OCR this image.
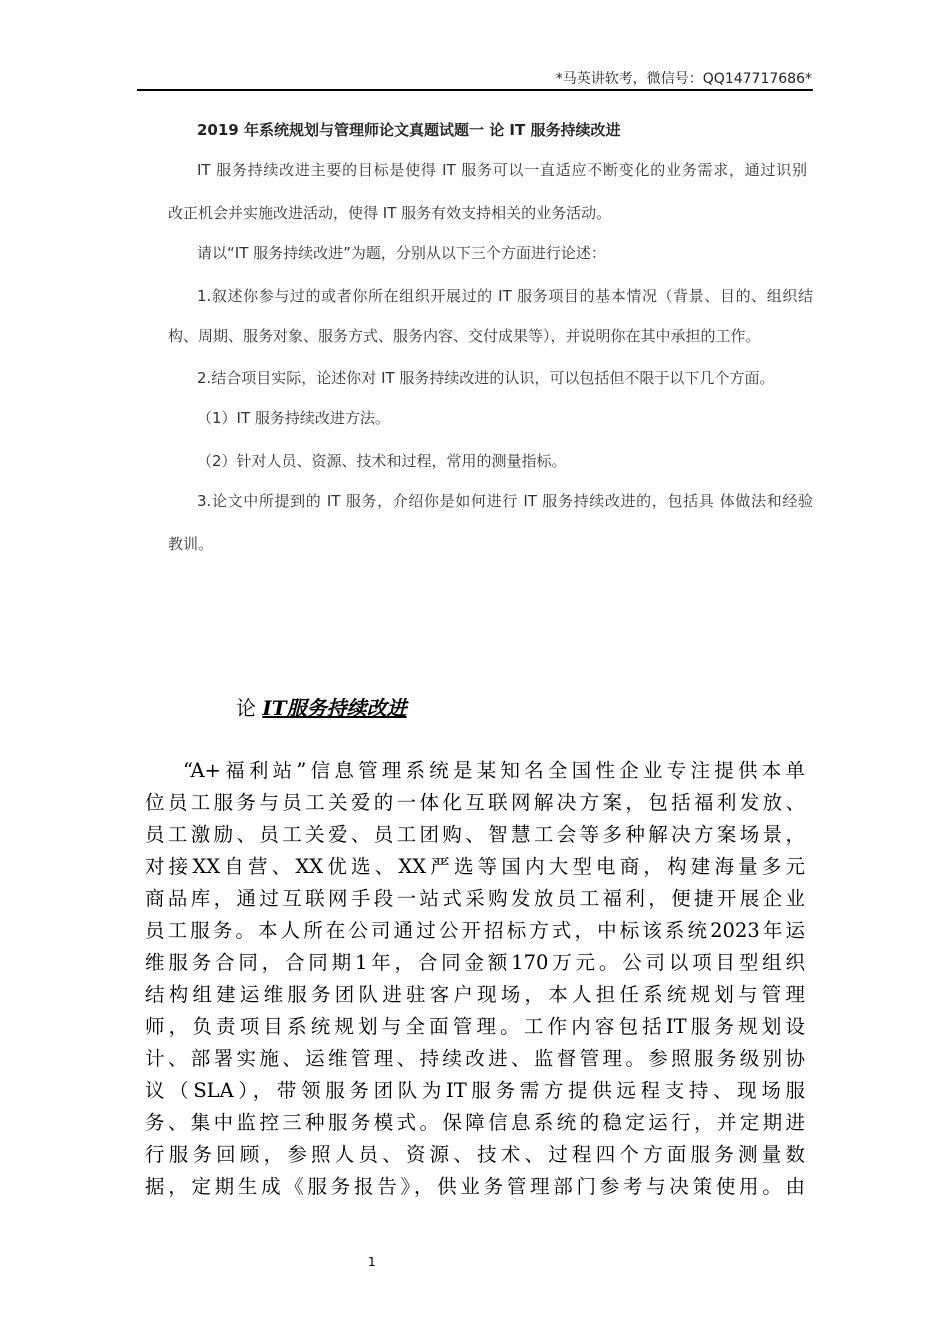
*马英讲软考，微信号：QQ147717686*
2019 年系统规划与管理师论文真题试题一 论 IT 服务持续改进
IT 服务持续改进主要的目标是使得 IT 服务可以一直适应不断变化的业务需求，通过识别
改正机会并实施改进活动，使得 IT 服务有效支持相关的业务活动。
请以“IT 服务持续改进”为题，分别从以下三个方面进行论述：
1.叙述你参与过的或者你所在组织开展过的 IT 服务项目的基本情况（背景、目的、组织结
构、周期、服务对象、服务方式、服务内容、交付成果等），并说明你在其中承担的工作。
2.结合项目实际，论述你对 IT 服务持续改进的认识，可以包括但不限于以下几个方面。
（1）IT 服务持续改进方法。
（2）针对人员、资源、技术和过程，常用的测量指标。
3.论文中所提到的 IT 服务，介绍你是如何进行 IT 服务持续改进的，包括具 体做法和经验
教训。
论 IT服务持续改进
“A+福利站”信息管理系统是某知名全国性企业专注提供本单
位员工服务与员工关爱的一体化互联网解决方案，包括福利发放、
员工激励、员工关爱、员工团购、智慧工会等多种解决方案场景，
对接XX自营、XX优选、XX严选等国内大型电商，构建海量多元
商品库，通过互联网手段一站式采购发放员工福利，便捷开展企业
员工服务。本人所在公司通过公开招标方式，中标该系统2023年运
维服务合同，合同期1年，合同金额170万元。公司以项目型组织
结构组建运维服务团队进驻客户现场，本人担任系统规划与管理
师，负责项目系统规划与全面管理。工作内容包括IT服务规划设
计、部署实施、运维管理、持续改进、监督管理。参照服务级别协
议（SLA），带领服务团队为IT服务需方提供远程支持、现场服
务、集中监控三种服务模式。保障信息系统的稳定运行，并定期进
行服务回顾，参照人员、资源、技术、过程四个方面服务测量数
据，定期生成《服务报告》，供业务管理部门参考与决策使用。由
1
